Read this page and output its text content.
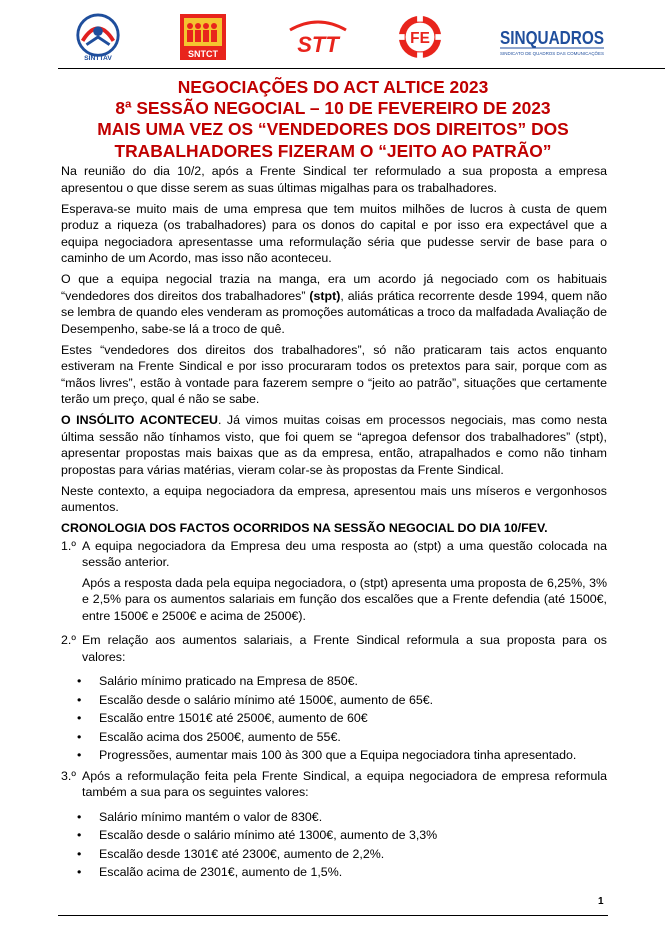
SINTTAV	SNTCT	STT	FE	SINQUADROS
SINDICATO DE QUADROS DAS COMUNICAÇÕES
NEGOCIAÇÕES DO ACT ALTICE 2023
8ª SESSÃO NEGOCIAL – 10 DE FEVEREIRO DE 2023
MAIS UMA VEZ OS “VENDEDORES DOS DIREITOS” DOS
TRABALHADORES FIZERAM O “JEITO AO PATRÃO”

Na reunião do dia 10/2, após a Frente Sindical ter reformulado a sua proposta a empresa apresentou o que disse serem as suas últimas migalhas para os trabalhadores.

Esperava-se muito mais de uma empresa que tem muitos milhões de lucros à custa de quem produz a riqueza (os trabalhadores) para os donos do capital e por isso era expectável que a equipa negociadora apresentasse uma reformulação séria que pudesse servir de base para o caminho de um Acordo, mas isso não aconteceu.

O que a equipa negocial trazia na manga, era um acordo já negociado com os habituais “vendedores dos direitos dos trabalhadores” (stpt), aliás prática recorrente desde 1994, quem não se lembra de quando eles venderam as promoções automáticas a troco da malfadada Avaliação de Desempenho, sabe-se lá a troco de quê.

Estes “vendedores dos direitos dos trabalhadores”, só não praticaram tais actos enquanto estiveram na Frente Sindical e por isso procuraram todos os pretextos para sair, porque com as “mãos livres”, estão à vontade para fazerem sempre o “jeito ao patrão”, situações que certamente terão um preço, qual é não se sabe.

O INSÓLITO ACONTECEU. Já vimos muitas coisas em processos negociais, mas como nesta última sessão não tínhamos visto, que foi quem se “apregoa defensor dos trabalhadores” (stpt), apresentar propostas mais baixas que as da empresa, então, atrapalhados e como não tinham propostas para várias matérias, vieram colar-se às propostas da Frente Sindical.

Neste contexto, a equipa negociadora da empresa, apresentou mais uns míseros e vergonhosos aumentos.

CRONOLOGIA DOS FACTOS OCORRIDOS NA SESSÃO NEGOCIAL DO DIA 10/FEV.

1.º A equipa negociadora da Empresa deu uma resposta ao (stpt) a uma questão colocada na sessão anterior.

Após a resposta dada pela equipa negociadora, o (stpt) apresenta uma proposta de 6,25%, 3% e 2,5% para os aumentos salariais em função dos escalões que a Frente defendia (até 1500€, entre 1500€ e 2500€ e acima de 2500€).

2.º Em relação aos aumentos salariais, a Frente Sindical reformula a sua proposta para os valores:

• Salário mínimo praticado na Empresa de 850€.
• Escalão desde o salário mínimo até 1500€, aumento de 65€.
• Escalão entre 1501€ até 2500€, aumento de 60€
• Escalão acima dos 2500€, aumento de 55€.
• Progressões, aumentar mais 100 às 300 que a Equipa negociadora tinha apresentado.
3.º Após a reformulação feita pela Frente Sindical, a equipa negociadora de empresa reformula também a sua para os seguintes valores:

• Salário mínimo mantém o valor de 830€.
• Escalão desde o salário mínimo até 1300€, aumento de 3,3%
• Escalão desde 1301€ até 2300€, aumento de 2,2%.
• Escalão acima de 2301€, aumento de 1,5%.
1
